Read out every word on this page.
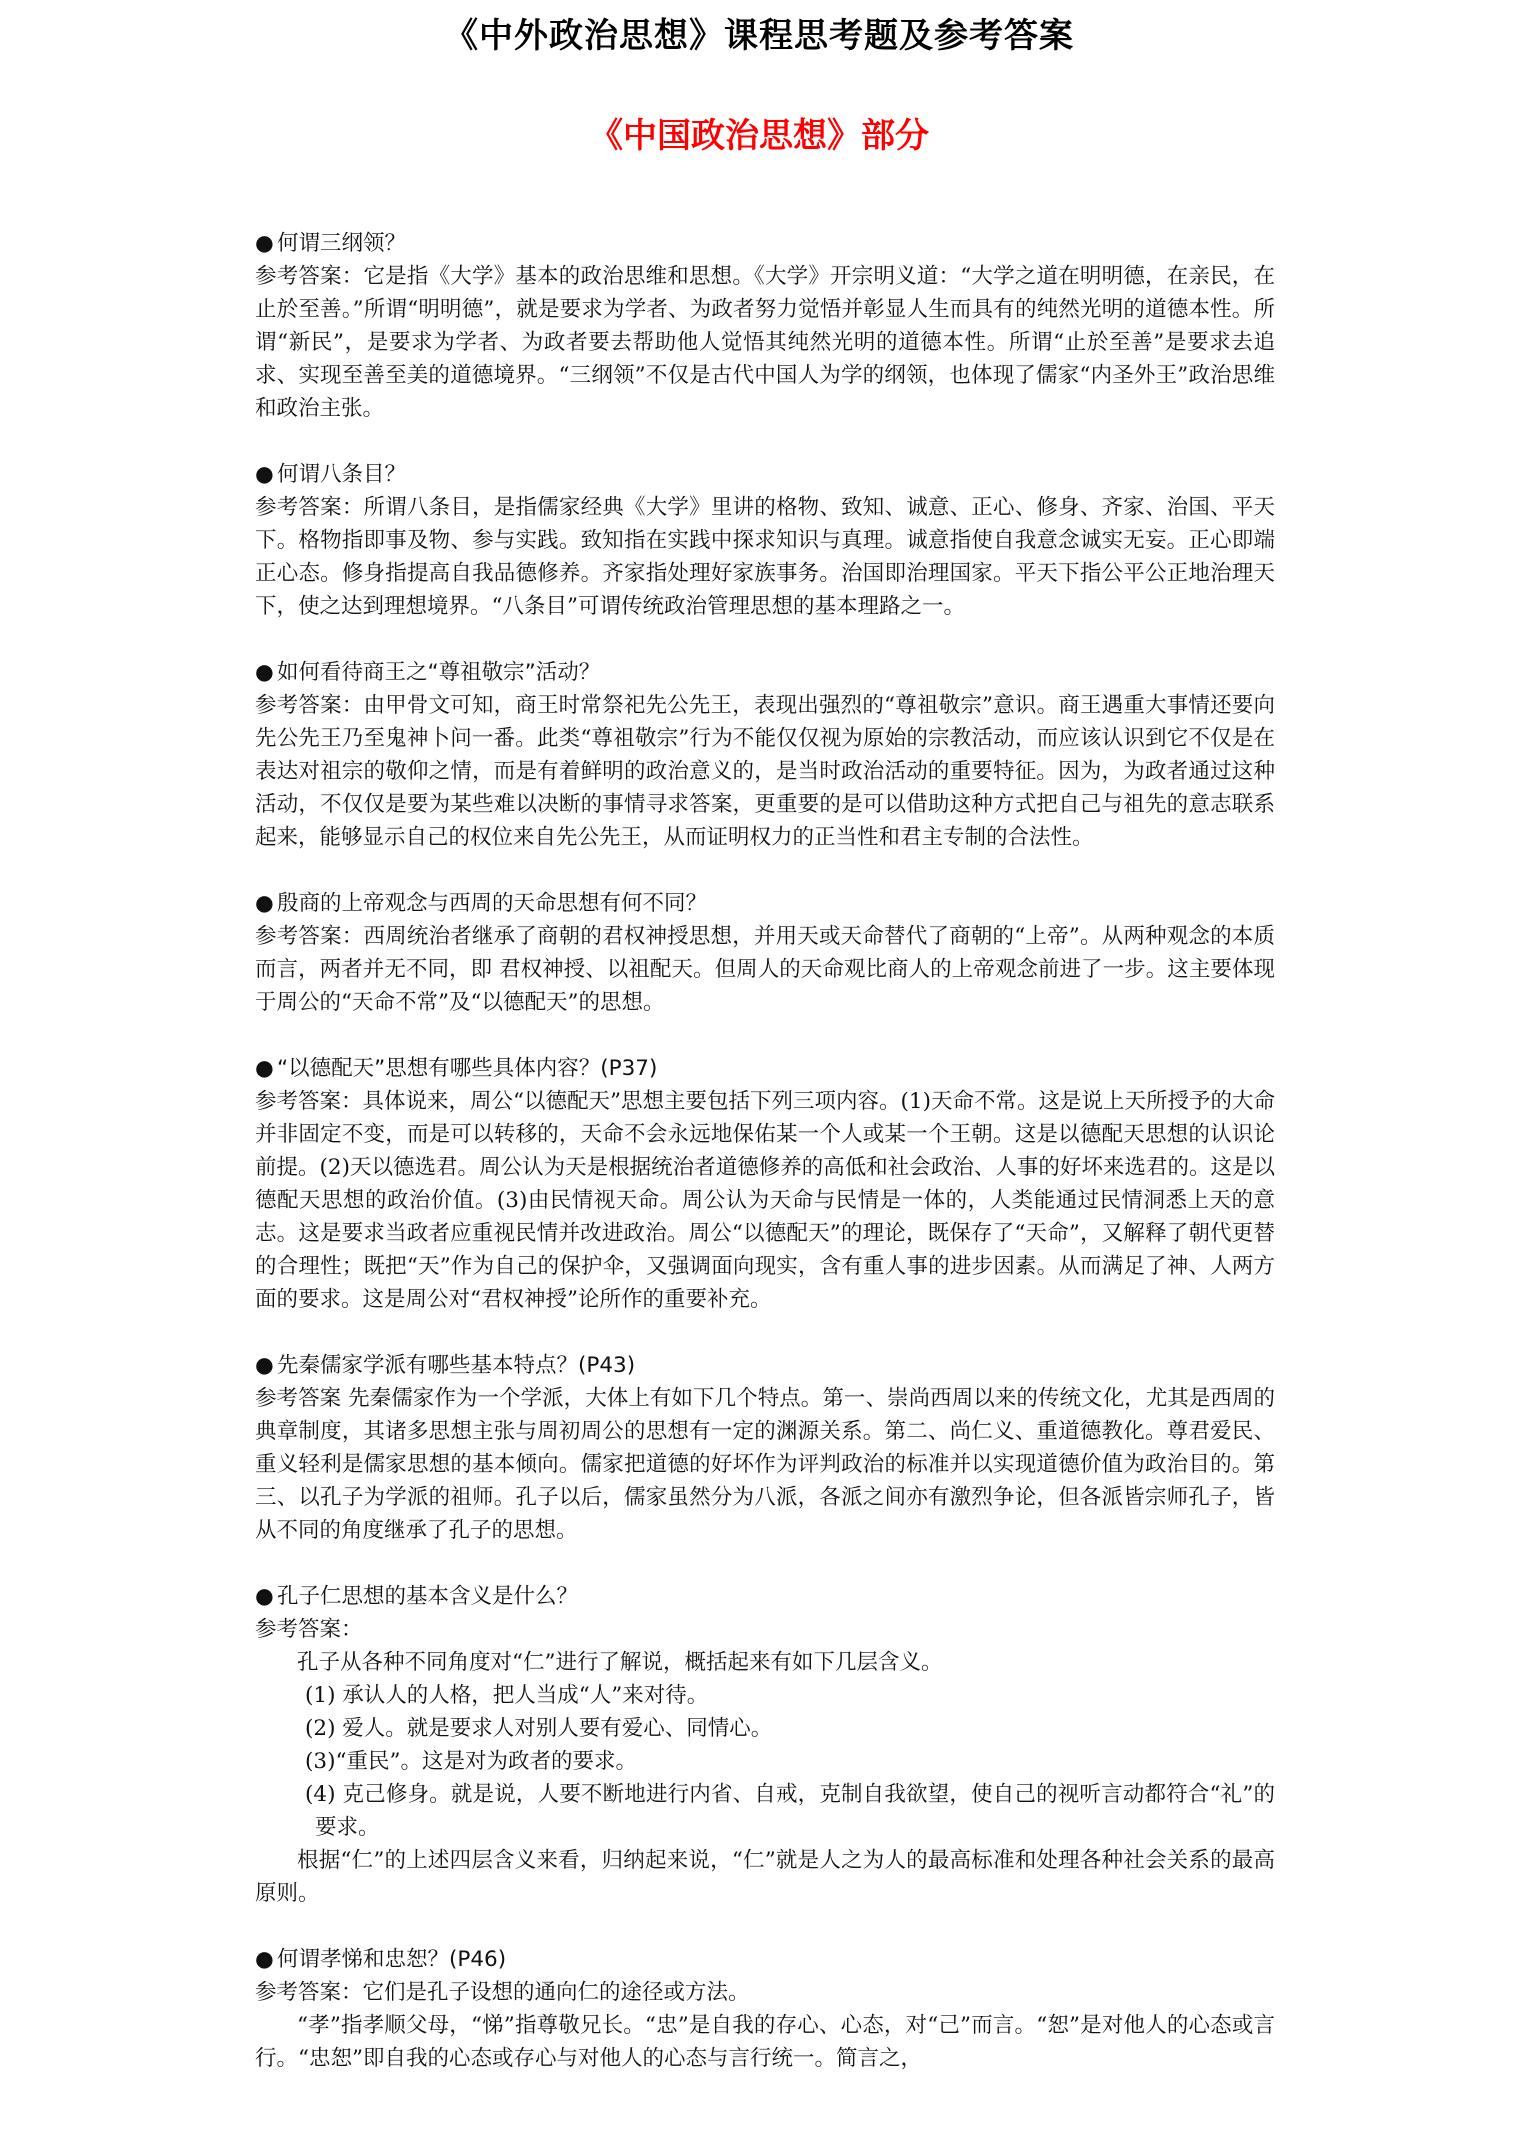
《中外政治思想》课程思考题及参考答案
《中国政治思想》部分
● 何谓三纲领？
参考答案：它是指《大学》基本的政治思维和思想。《大学》开宗明义道：“大学之道在明明德，在亲民，在止於至善。”所谓“明明德”，就是要求为学者、为政者努力觉悟并彰显人生而具有的纯然光明的道德本性。所谓“新民”，是要求为学者、为政者要去帮助他人觉悟其纯然光明的道德本性。所谓“止於至善”是要求去追求、实现至善至美的道德境界。“三纲领”不仅是古代中国人为学的纲领，也体现了儒家“内圣外王”政治思维和政治主张。
● 何谓八条目？
参考答案：所谓八条目，是指儒家经典《大学》里讲的格物、致知、诚意、正心、修身、齐家、治国、平天下。格物指即事及物、参与实践。致知指在实践中探求知识与真理。诚意指使自我意念诚实无妄。正心即端正心态。修身指提高自我品德修养。齐家指处理好家族事务。治国即治理国家。平天下指公平公正地治理天下，使之达到理想境界。“八条目”可谓传统政治管理思想的基本理路之一。
● 如何看待商王之“尊祖敬宗”活动？
参考答案：由甲骨文可知，商王时常祭祀先公先王，表现出强烈的“尊祖敬宗”意识。商王遇重大事情还要向先公先王乃至鬼神卜问一番。此类“尊祖敬宗”行为不能仅仅视为原始的宗教活动，而应该认识到它不仅是在表达对祖宗的敬仰之情，而是有着鲜明的政治意义的，是当时政治活动的重要特征。因为，为政者通过这种活动，不仅仅是要为某些难以决断的事情寻求答案，更重要的是可以借助这种方式把自己与祖先的意志联系起来，能够显示自己的权位来自先公先王，从而证明权力的正当性和君主专制的合法性。
● 殷商的上帝观念与西周的天命思想有何不同？
参考答案：西周统治者继承了商朝的君权神授思想，并用天或天命替代了商朝的“上帝”。从两种观念的本质而言，两者并无不同，即 君权神授、以祖配天。但周人的天命观比商人的上帝观念前进了一步。这主要体现于周公的“天命不常”及“以德配天”的思想。
● “以德配天”思想有哪些具体内容？(P37)
参考答案：具体说来，周公“以德配天”思想主要包括下列三项内容。(1)天命不常。这是说上天所授予的大命并非固定不变，而是可以转移的，天命不会永远地保佑某一个人或某一个王朝。这是以德配天思想的认识论前提。(2)天以德选君。周公认为天是根据统治者道德修养的高低和社会政治、人事的好坏来选君的。这是以德配天思想的政治价值。(3)由民情视天命。周公认为天命与民情是一体的，人类能通过民情洞悉上天的意志。这是要求当政者应重视民情并改进政治。周公“以德配天”的理论，既保存了“天命”，又解释了朝代更替的合理性；既把“天”作为自己的保护伞，又强调面向现实，含有重人事的进步因素。从而满足了神、人两方面的要求。这是周公对“君权神授”论所作的重要补充。
● 先秦儒家学派有哪些基本特点？(P43)
参考答案 先秦儒家作为一个学派，大体上有如下几个特点。第一、崇尚西周以来的传统文化，尤其是西周的典章制度，其诸多思想主张与周初周公的思想有一定的渊源关系。第二、尚仁义、重道德教化。尊君爱民、重义轻利是儒家思想的基本倾向。儒家把道德的好坏作为评判政治的标准并以实现道德价值为政治目的。第三、以孔子为学派的祖师。孔子以后，儒家虽然分为八派，各派之间亦有激烈争论，但各派皆宗师孔子，皆从不同的角度继承了孔子的思想。
● 孔子仁思想的基本含义是什么？
参考答案：
孔子从各种不同角度对“仁”进行了解说，概括起来有如下几层含义。
(1) 承认人的人格，把人当成“人”来对待。
(2) 爱人。就是要求人对别人要有爱心、同情心。
(3)“重民”。这是对为政者的要求。
(4) 克己修身。就是说，人要不断地进行内省、自戒，克制自我欲望，使自己的视听言动都符合“礼”的要求。
根据“仁”的上述四层含义来看，归纳起来说，“仁”就是人之为人的最高标准和处理各种社会关系的最高原则。
● 何谓孝悌和忠恕？(P46)
参考答案：它们是孔子设想的通向仁的途径或方法。
“孝”指孝顺父母，“悌”指尊敬兄长。“忠”是自我的存心、心态，对“己”而言。“恕”是对他人的心态或言行。“忠恕”即自我的心态或存心与对他人的心态与言行统一。简言之，
